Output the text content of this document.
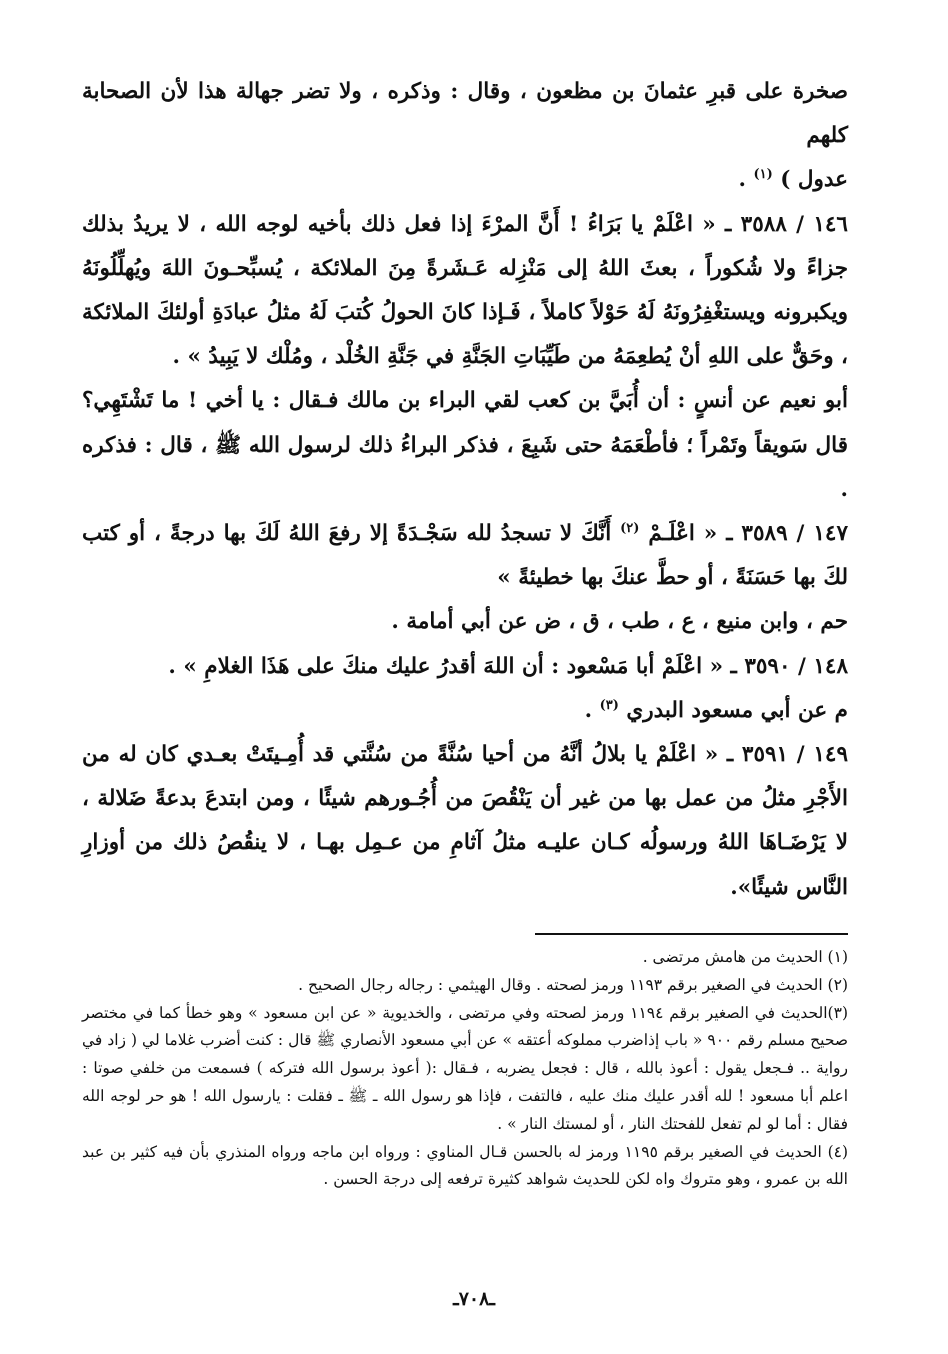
صخرة على قبرِ عثمانَ بن مظعون ، وقال : وذكره ، ولا تضر جهالة هذا لأن الصحابة كلهم
عدول ) $^{(١)}$ .

١٤٦ / ٣٥٨٨ ـ « اعْلَمْ يا بَرَاءُ ! أَنَّ المرْءَ إذا فعل ذلك بأخيه لوجه الله ، لا يريدُ بذلك جزاءً ولا شُكوراً ، بعثَ اللهُ إلى مَنْزِله عَـشَرةً مِنَ الملائكة ، يُسبِّحـونَ اللهَ ويُهلِّلُونَهُ ويكبرونه ويستغْفِرُونَهُ لَهُ حَوْلاً كاملاً ، فَـإذا كانَ الحولُ كُتبَ لَهُ مثلُ عبادَةِ أولئكَ الملائكة ، وحَقٌّ على اللهِ أنْ يُطعِمَهُ من طَيِّبَاتِ الجَنَّةِ في جَنَّةِ الخُلْد ، ومُلْك لا يَبِيدُ » .

أبو نعيم عن أنسٍ : أن أُبَيَّ بن كعب لقي البراء بن مالك فـقال : يا أخي ! ما تَشْتَهِي؟ قال سَويقاً وتَمْراً ؛ فأطْعَمَهُ حتى شَبِعَ ، فذكر البراءُ ذلك لرسول الله ﷺ ، قال : فذكره .

١٤٧ / ٣٥٨٩ ـ « اعْلَـمْ $^{(٢)}$ أَنَّكَ لا تسجدُ لله سَجْـدَةً إلا رفعَ اللهُ لَكَ بها درجةً ، أو كتب لكَ بها حَسَنَةً ، أو حطَّ عنكَ بها خطيئةً »

حم ، وابن منيع ، ع ، طب ، ق ، ض عن أبي أمامة .

١٤٨ / ٣٥٩٠ ـ « اعْلَمْ أبا مَسْعود : أن اللهَ أقدرُ عليك منكَ على هَذَا الغلامِ » .

م عن أبي مسعود البدري $^{(٣)}$ .

١٤٩ / ٣٥٩١ ـ « اعْلَمْ يا بلالُ أنَّهُ من أحيا سُنَّةً من سُنَّتي قد أُمِـيتَتْ بعـدي كان له من الأَجْرِ مثلُ من عمل بها من غير أن يَنْقُصَ من أُجُـورهم شيئًا ، ومن ابتدعَ بدعةً ضَلالة ، لا يَرْضَـاهَا اللهُ ورسولُه كـان عليـه مثلُ آثامِ من عـمِل بهـا ، لا ينقُصُ ذلك من أوزارِ النَّاس شيئًا».

(١) الحديث من هامش مرتضى .

(٢) الحديث في الصغير برقم ١١٩٣ ورمز لصحته . وقال الهيثمي : رجاله رجال الصحيح .

(٣)الحديث في الصغير برقم ١١٩٤ ورمز لصحته وفي مرتضى ، والخديوية « عن ابن مسعود » وهو خطأ كما في مختصر صحيح مسلم رقم ٩٠٠ « باب إذاضرب مملوكه أعتقه » عن أبي مسعود الأنصاري ﷺ قال : كنت أضرب غلاما لي ( زاد في رواية .. فـجعل يقول : أعوذ بالله ، قال : فجعل يضربه ، فـقال :( أعوذ برسول الله فتركه ) فسمعت من خلفي صوتا : اعلم أبا مسعود ! لله أقدر عليك منك عليه ، فالتفت ، فإذا هو رسول الله ـ ﷺ ـ فقلت : يارسول الله ! هو حر لوجه الله فقال : أما لو لم تفعل للفحتك النار ، أو لمستك النار » .

(٤) الحديث في الصغير برقم ١١٩٥ ورمز له بالحسن قـال المناوي : ورواه ابن ماجه ورواه المنذري بأن فيه كثير بن عبد الله بن عمرو ، وهو متروك واه لكن للحديث شواهد كثيرة ترفعه إلى درجة الحسن .

ـ٧٠٨ـ
